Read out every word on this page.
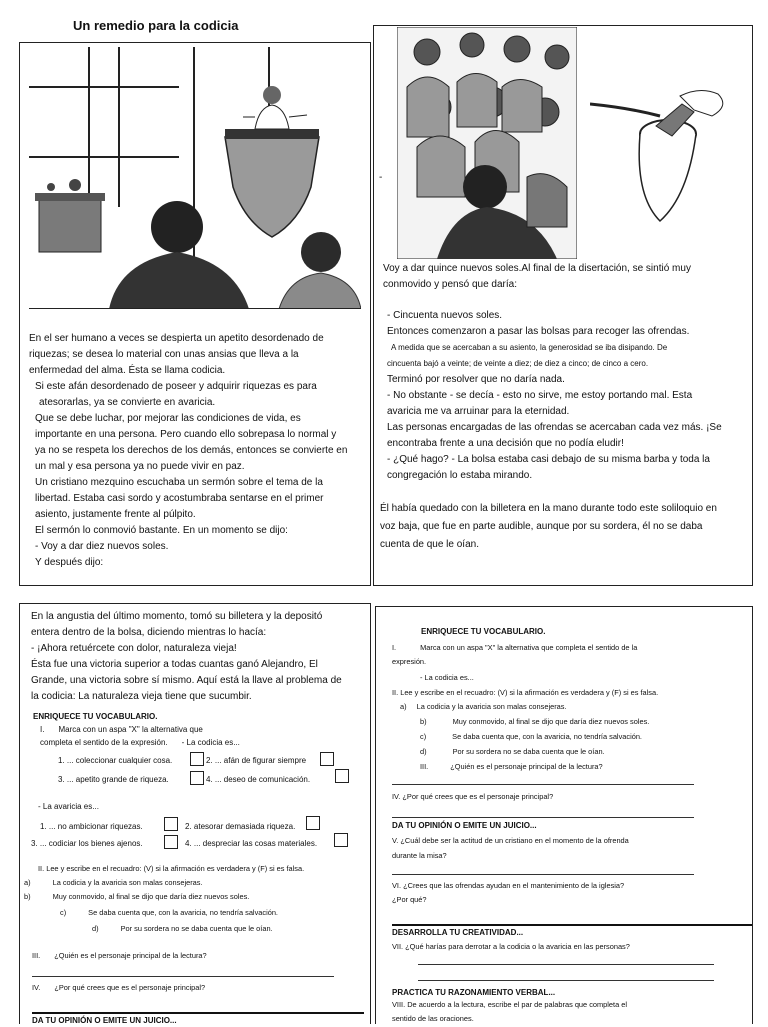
Un remedio para la codicia
En el ser humano a veces se despierta un apetito desordenado de
riquezas; se desea lo material con unas ansias que lleva a la
enfermedad del alma. Ésta se llama codicia.
Si este afán desordenado de poseer y adquirir riquezas es para
atesorarlas, ya se convierte en avaricia.
Que se debe luchar, por mejorar las condiciones de vida, es
importante en una persona. Pero cuando ello sobrepasa lo normal y
ya no se respeta los derechos de los demás, entonces se convierte en
un mal y esa persona ya no puede vivir en paz.
Un cristiano mezquino escuchaba un sermón sobre el tema de la
libertad. Estaba casi sordo y acostumbraba sentarse en el primer
asiento, justamente frente al púlpito.
El sermón lo conmovió bastante. En un momento se dijo:
- Voy a dar diez nuevos soles.
Y después dijo:
Voy a dar quince nuevos soles.Al final de la disertación, se sintió muy
conmovido y pensó que daría:
- Cincuenta nuevos soles.
Entonces comenzaron a pasar las bolsas para recoger las ofrendas.
A medida que se acercaban a su asiento, la generosidad se iba disipando. De
cincuenta bajó a veinte; de veinte a diez; de diez a cinco; de cinco a cero.
Terminó por resolver que no daría nada.
- No obstante - se decía - esto no sirve, me estoy portando mal. Esta
avaricia me va arruinar para la eternidad.
Las personas encargadas de las ofrendas se acercaban cada vez más. ¡Se
encontraba frente a una decisión que no podía eludir!
- ¿Qué hago? - La bolsa estaba casi debajo de su misma barba y toda la
congregación lo estaba mirando.
Él había quedado con la billetera en la mano durante todo este soliloquio en
voz baja, que fue en parte audible, aunque por su sordera, él no se daba
cuenta de que le oían.
-
En la angustia del último momento, tomó su billetera y la depositó
entera dentro de la bolsa, diciendo mientras lo hacía:
- ¡Ahora retuércete con dolor, naturaleza vieja!
Ésta fue una victoria superior a todas cuantas ganó Alejandro, El
Grande, una victoria sobre sí mismo. Aquí está la llave al problema de
la codicia: La naturaleza vieja tiene que sucumbir.
ENRIQUECE TU VOCABULARIO.
I. Marca con un aspa "X" la alternativa que
completa el sentido de la expresión. - La codicia es...
1. ... coleccionar cualquier cosa.	2. ... afán de figurar siempre
3. ... apetito grande de riqueza.	4. ... deseo de comunicación.
- La avaricia es...
1. ... no ambicionar riquezas.	2. atesorar demasiada riqueza.
3. ... codiciar los bienes ajenos.	4. ... despreciar las cosas materiales.
II. Lee y escribe en el recuadro: (V) si la afirmación es verdadera y (F) si es falsa.
a)	La codicia y la avaricia son malas consejeras.
b)	Muy conmovido, al final se dijo que daría diez nuevos soles.
c)	Se daba cuenta que, con la avaricia, no tendría salvación.
d)	Por su sordera no se daba cuenta que le oían.
III. ¿Quién es el personaje principal de la lectura?
IV. ¿Por qué crees que es el personaje principal?
DA TU OPINIÓN O EMITE UN JUICIO...
ENRIQUECE TU VOCABULARIO.
I.	Marca con un aspa "X" la alternativa que completa el sentido de la
expresión.
- La codicia es...
II. Lee y escribe en el recuadro: (V) si la afirmación es verdadera y (F) si es falsa.
a) La codicia y la avaricia son malas consejeras.
b)	Muy conmovido, al final se dijo que daría diez nuevos soles.
c)	Se daba cuenta que, con la avaricia, no tendría salvación.
d)	Por su sordera no se daba cuenta que le oían.
III.	¿Quién es el personaje principal de la lectura?
IV. ¿Por qué crees que es el personaje principal?
DA TU OPINIÓN O EMITE UN JUICIO...
V. ¿Cuál debe ser la actitud de un cristiano en el momento de la ofrenda
durante la misa?
VI. ¿Crees que las ofrendas ayudan en el mantenimiento de la iglesia?
¿Por qué?
DESARROLLA TU CREATIVIDAD...
VII. ¿Qué harías para derrotar a la codicia o la avaricia en las personas?
PRACTICA TU RAZONAMIENTO VERBAL...
VIII. De acuerdo a la lectura, escribe el par de palabras que completa el
sentido de las oraciones.
